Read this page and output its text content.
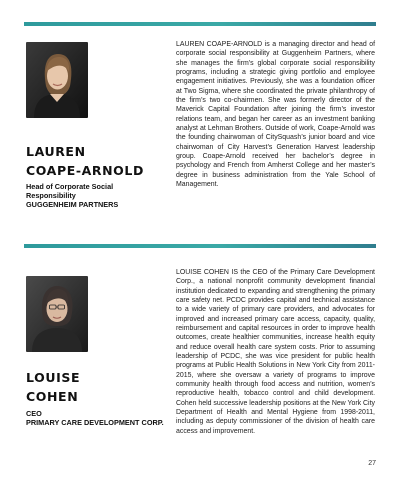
LAUREN
COAPE-ARNOLD
Head of Corporate Social
Responsibility
GUGGENHEIM PARTNERS

LAUREN COAPE-ARNOLD is a managing director and head of corporate social responsibility at Guggenheim Partners, where she manages the firm’s global corporate social responsibility programs, including a strategic giving portfolio and employee engagement initiatives. Previously, she was a foundation officer at Two Sigma, where she coordinated the private philanthropy of the firm’s two co-chairmen. She was formerly director of the Maverick Capital Foundation after joining the firm’s investor relations team, and began her career as an investment banking analyst at Lehman Brothers. Outside of work, Coape-Arnold was the founding chairwoman of CitySquash’s junior board and vice chairwoman of City Harvest’s Generation Harvest leadership group. Coape-Arnold received her bachelor’s degree in psychology and French from Amherst College and her master’s degree in business administration from the Yale School of Management.

LOUISE
COHEN
CEO
PRIMARY CARE DEVELOPMENT CORP.

LOUISE COHEN IS the CEO of the Primary Care Development Corp., a national nonprofit community development financial institution dedicated to expanding and strengthening the primary care safety net. PCDC provides capital and technical assistance to a wide variety of primary care providers, and advocates for improved and increased primary care access, capacity, quality, reimbursement and capital resources in order to improve health outcomes, create healthier communities, increase health equity and reduce overall health care system costs. Prior to assuming leadership of PCDC, she was vice president for public health programs at Public Health Solutions in New York City from 2011-2015, where she oversaw a variety of programs to improve community health through food access and nutrition, women’s reproductive health, tobacco control and child development. Cohen held successive leadership positions at the New York City Department of Health and Mental Hygiene from 1998-2011, including as deputy commissioner of the division of health care access and improvement.

27
